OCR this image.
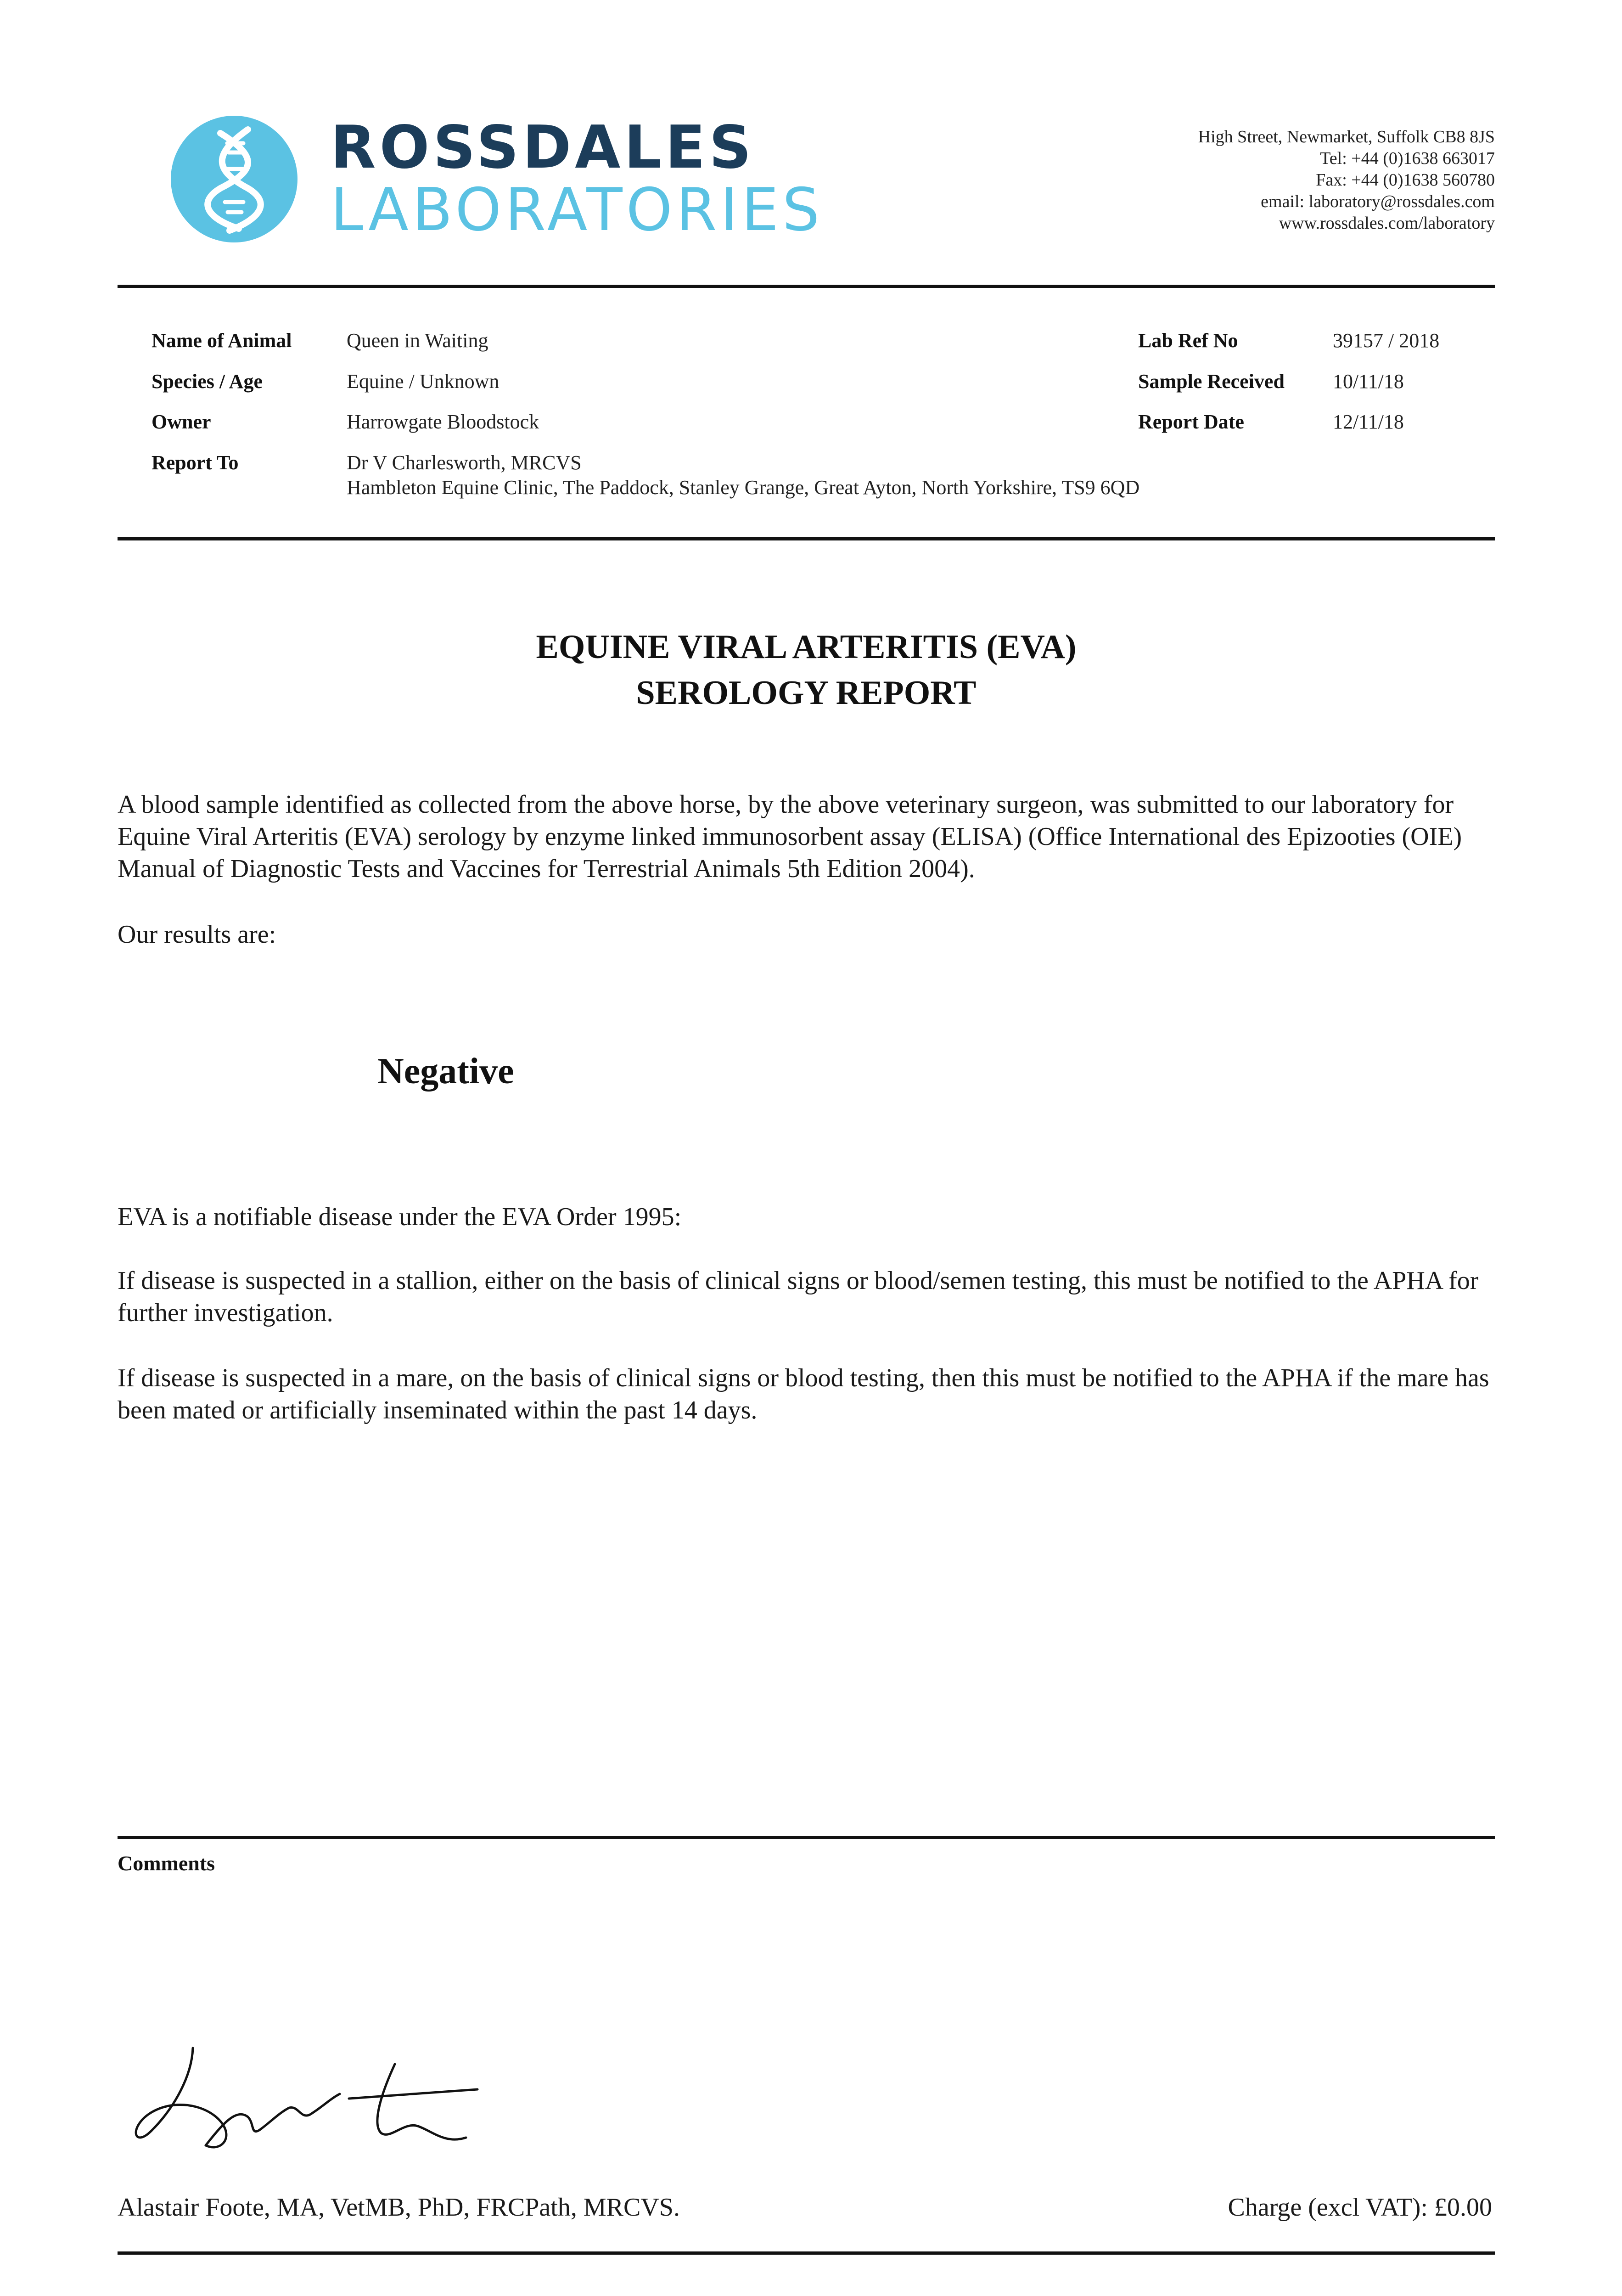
ROSSDALES
LABORATORIES
High Street, Newmarket, Suffolk CB8 8JS
Tel: +44 (0)1638 663017
Fax: +44 (0)1638 560780
email: laboratory@rossdales.com
www.rossdales.com/laboratory
Name of Animal	Queen in Waiting
Species / Age	Equine / Unknown
Owner	Harrowgate Bloodstock
Report To	Dr V Charlesworth, MRCVS
Hambleton Equine Clinic, The Paddock, Stanley Grange, Great Ayton, North Yorkshire, TS9 6QD
Lab Ref No	39157 / 2018
Sample Received 10/11/18
Report Date	12/11/18
EQUINE VIRAL ARTERITIS (EVA)
SEROLOGY REPORT
A blood sample identified as collected from the above horse, by the above veterinary surgeon, was submitted to our laboratory for Equine Viral Arteritis (EVA) serology by enzyme linked immunosorbent assay (ELISA) (Office International des Epizooties (OIE) Manual of Diagnostic Tests and Vaccines for Terrestrial Animals 5th Edition 2004).
Our results are:
Negative
EVA is a notifiable disease under the EVA Order 1995:
If disease is suspected in a stallion, either on the basis of clinical signs or blood/semen testing, this must be notified to the APHA for further investigation.
If disease is suspected in a mare, on the basis of clinical signs or blood testing, then this must be notified to the APHA if the mare has been mated or artificially inseminated within the past 14 days.
Comments
Alastair Foote, MA, VetMB, PhD, FRCPath, MRCVS.	Charge (excl VAT): £0.00
